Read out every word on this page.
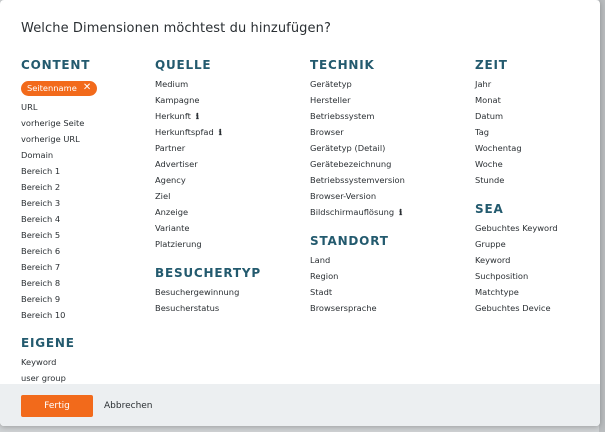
Welche Dimensionen möchtest du hinzufügen?
CONTENT
Seitenname ✕
URL
vorherige Seite
vorherige URL
Domain
Bereich 1
Bereich 2
Bereich 3
Bereich 4
Bereich 5
Bereich 6
Bereich 7
Bereich 8
Bereich 9
Bereich 10
EIGENE
Keyword
user group
QUELLE
Medium
Kampagne
Herkunft ℹ
Herkunftspfad ℹ
Partner
Advertiser
Agency
Ziel
Anzeige
Variante
Platzierung
BESUCHERTYP
Besuchergewinnung
Besucherstatus
TECHNIK
Gerätetyp
Hersteller
Betriebssystem
Browser
Gerätetyp (Detail)
Gerätebezeichnung
Betriebssystemversion
Browser-Version
Bildschirmauflösung ℹ
STANDORT
Land
Region
Stadt
Browsersprache
ZEIT
Jahr
Monat
Datum
Tag
Wochentag
Woche
Stunde
SEA
Gebuchtes Keyword
Gruppe
Keyword
Suchposition
Matchtype
Gebuchtes Device
Fertig	Abbrechen
